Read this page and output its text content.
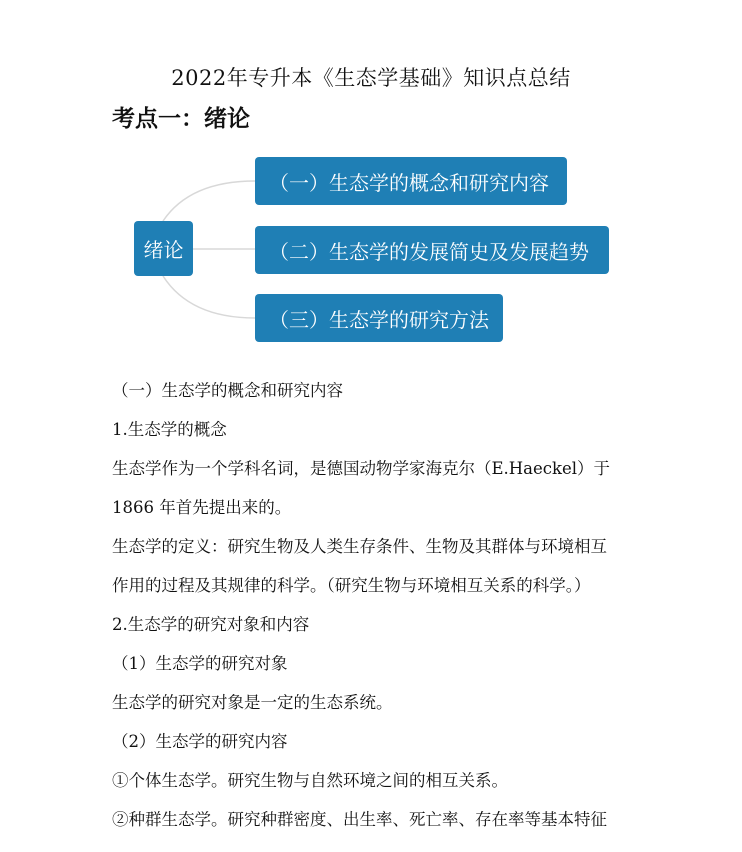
2022年专升本《生态学基础》知识点总结
考点一：绪论
绪论
（一）生态学的概念和研究内容
（二）生态学的发展简史及发展趋势
（三）生态学的研究方法
（一）生态学的概念和研究内容
1.生态学的概念
生态学作为一个学科名词，是德国动物学家海克尔（E.Haeckel）于
1866 年首先提出来的。
生态学的定义：研究生物及人类生存条件、生物及其群体与环境相互
作用的过程及其规律的科学。（研究生物与环境相互关系的科学。）
2.生态学的研究对象和内容
（1）生态学的研究对象
生态学的研究对象是一定的生态系统。
（2）生态学的研究内容
①个体生态学。研究生物与自然环境之间的相互关系。
②种群生态学。研究种群密度、出生率、死亡率、存在率等基本特征
